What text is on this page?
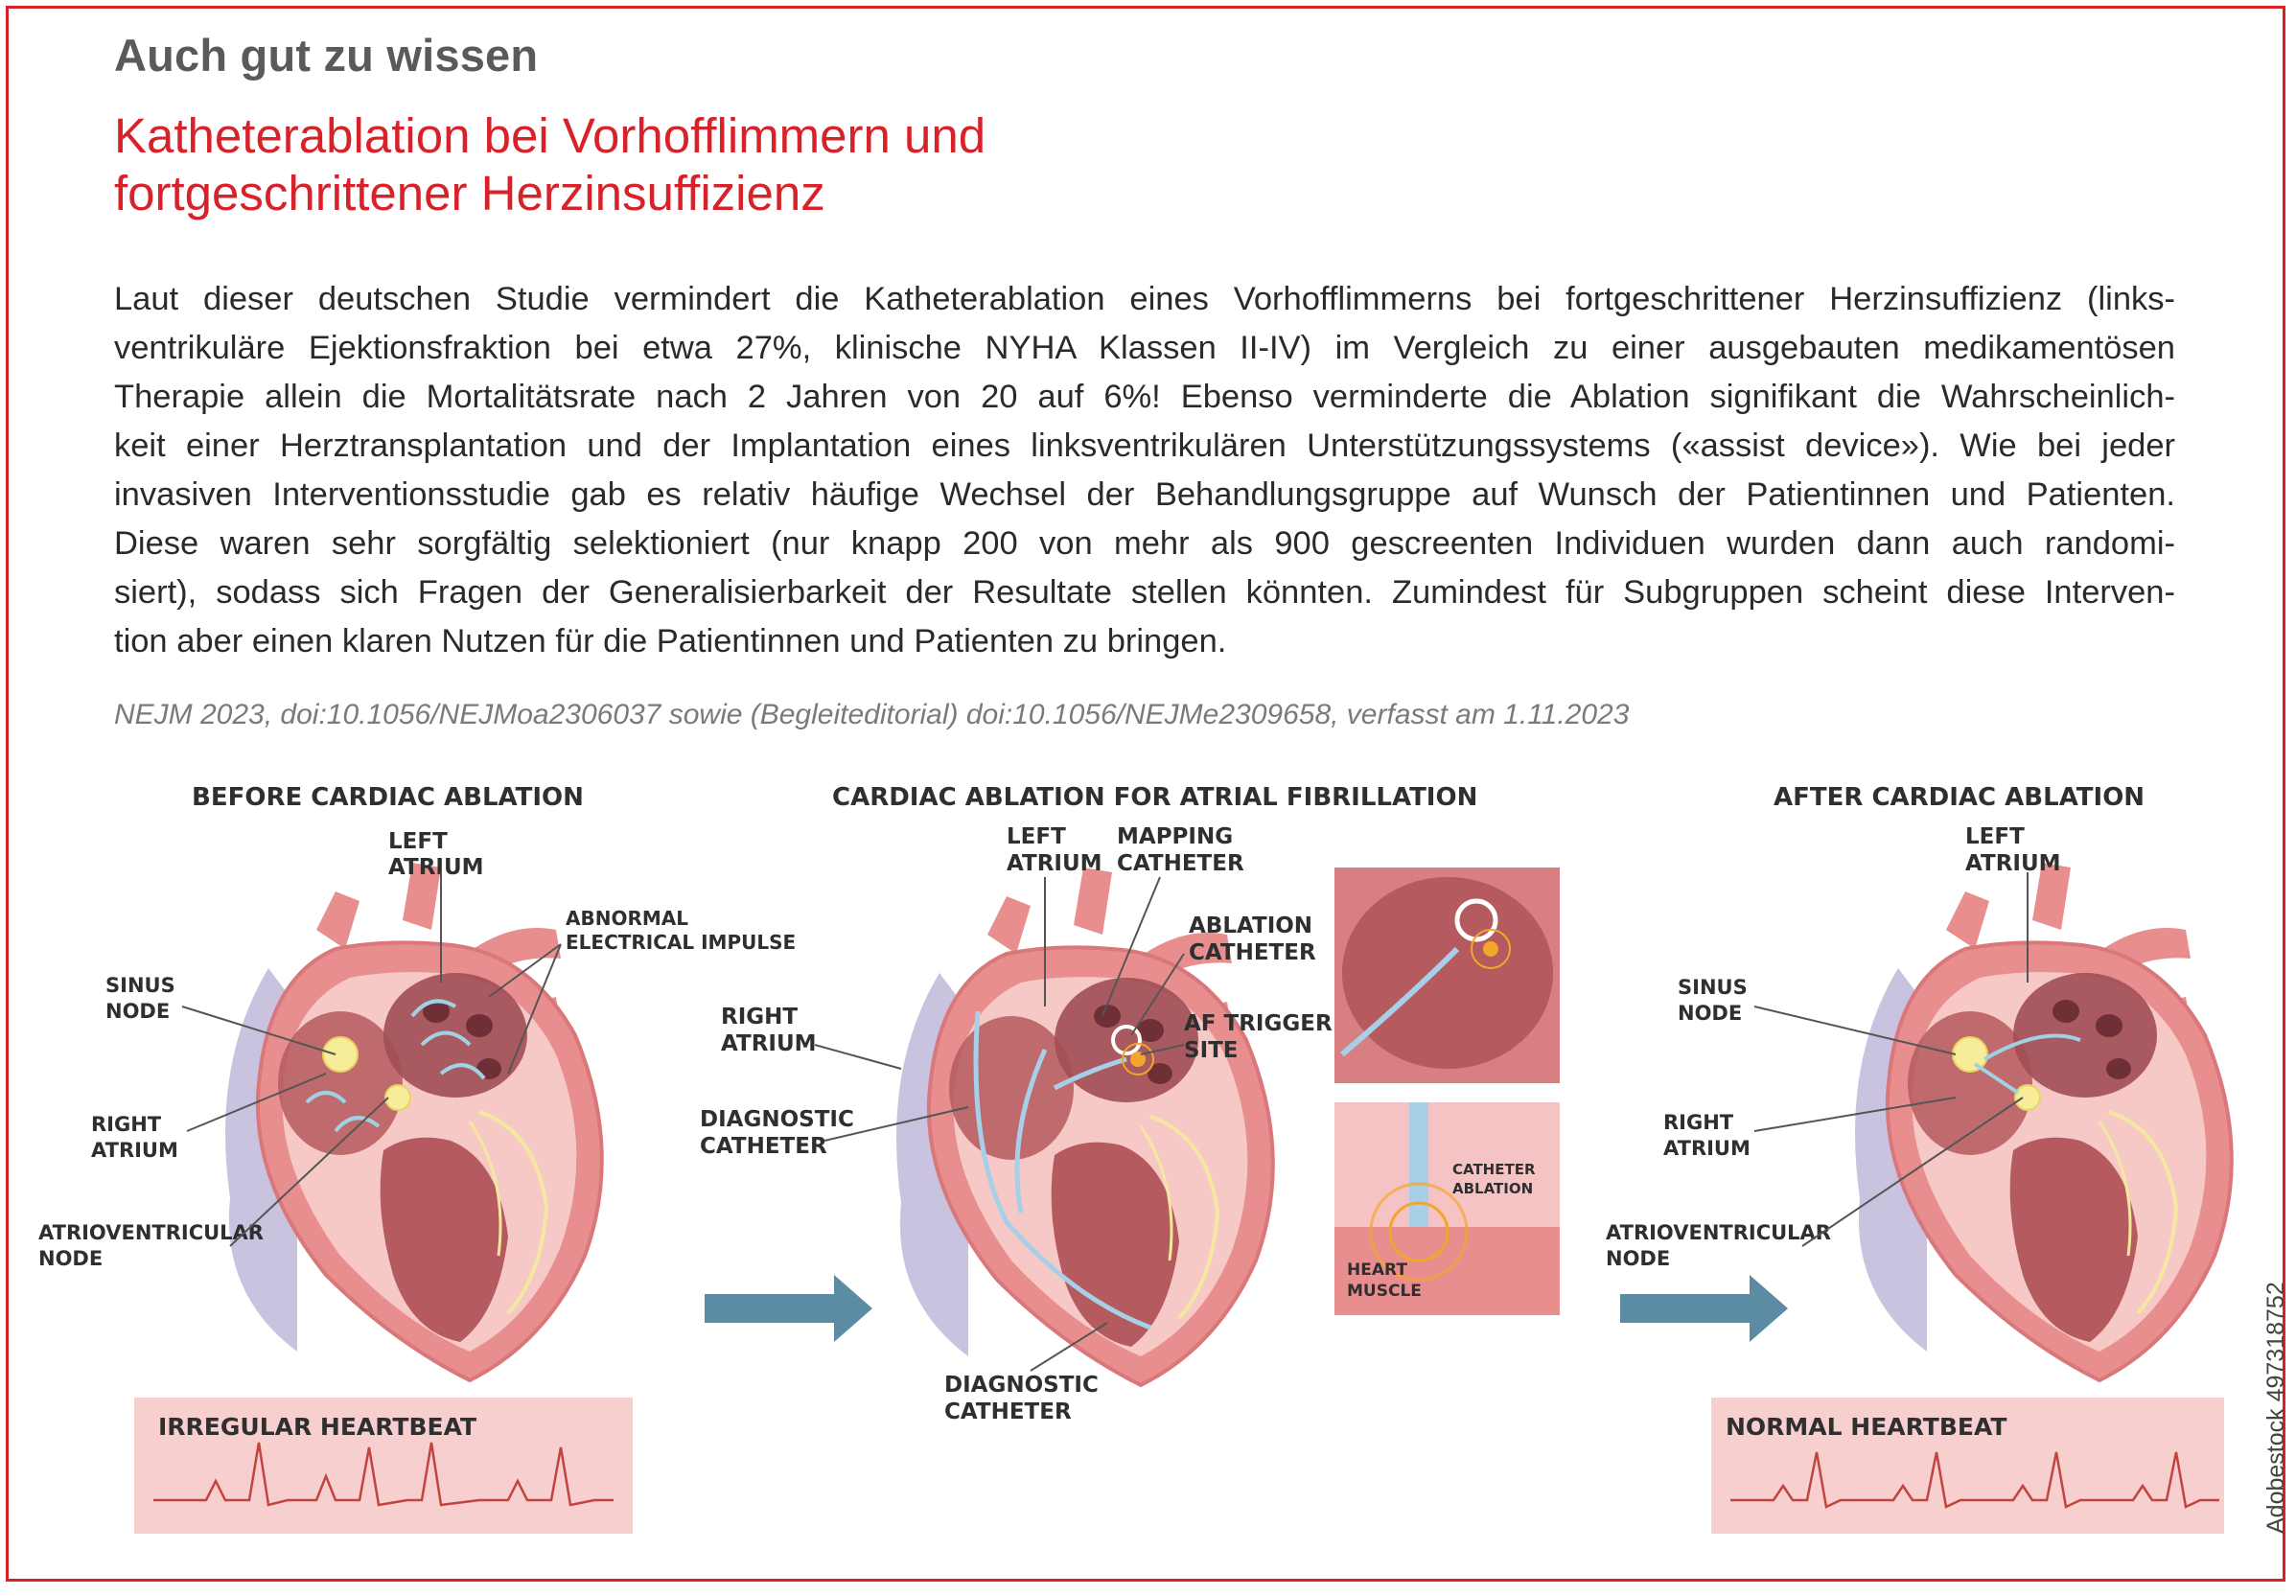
Auch gut zu wissen
Katheterablation bei Vorhofflimmern und
fortgeschrittener Herzinsuffizienz
Laut dieser deutschen Studie vermindert die Katheterablation eines Vorhofflimmerns bei fortgeschrittener Herzinsuffizienz (links-
ventrikuläre Ejektionsfraktion bei etwa 27%, klinische NYHA Klassen II-IV) im Vergleich zu einer ausgebauten medikamentösen
Therapie allein die Mortalitätsrate nach 2 Jahren von 20 auf 6%! Ebenso verminderte die Ablation signifikant die Wahrscheinlich-
keit einer Herztransplantation und der Implantation eines linksventrikulären Unterstützungssystems («assist device»). Wie bei jeder
invasiven Interventionsstudie gab es relativ häufige Wechsel der Behandlungsgruppe auf Wunsch der Patientinnen und Patienten.
Diese waren sehr sorgfältig selektioniert (nur knapp 200 von mehr als 900 gescreenten Individuen wurden dann auch randomi-
siert), sodass sich Fragen der Generalisierbarkeit der Resultate stellen könnten. Zumindest für Subgruppen scheint diese Interven-
tion aber einen klaren Nutzen für die Patientinnen und Patienten zu bringen.
NEJM 2023, doi:10.1056/NEJMoa2306037 sowie (Begleiteditorial) doi:10.1056/NEJMe2309658, verfasst am 1.11.2023
BEFORE CARDIAC ABLATION
LEFT
ATRIUM
ABNORMAL
ELECTRICAL IMPULSE
SINUS
NODE
RIGHT
ATRIUM
ATRIOVENTRICULAR
NODE
IRREGULAR HEARTBEAT
CARDIAC ABLATION FOR ATRIAL FIBRILLATION
LEFT
ATRIUM
MAPPING
CATHETER
ABLATION
CATHETER
RIGHT
ATRIUM
AF TRIGGER
SITE
DIAGNOSTIC
CATHETER
DIAGNOSTIC
CATHETER
CATHETER
ABLATION
HEART
MUSCLE
AFTER CARDIAC ABLATION
LEFT
ATRIUM
SINUS
NODE
RIGHT
ATRIUM
ATRIOVENTRICULAR
NODE
NORMAL HEARTBEAT	Adobestock 497318752
